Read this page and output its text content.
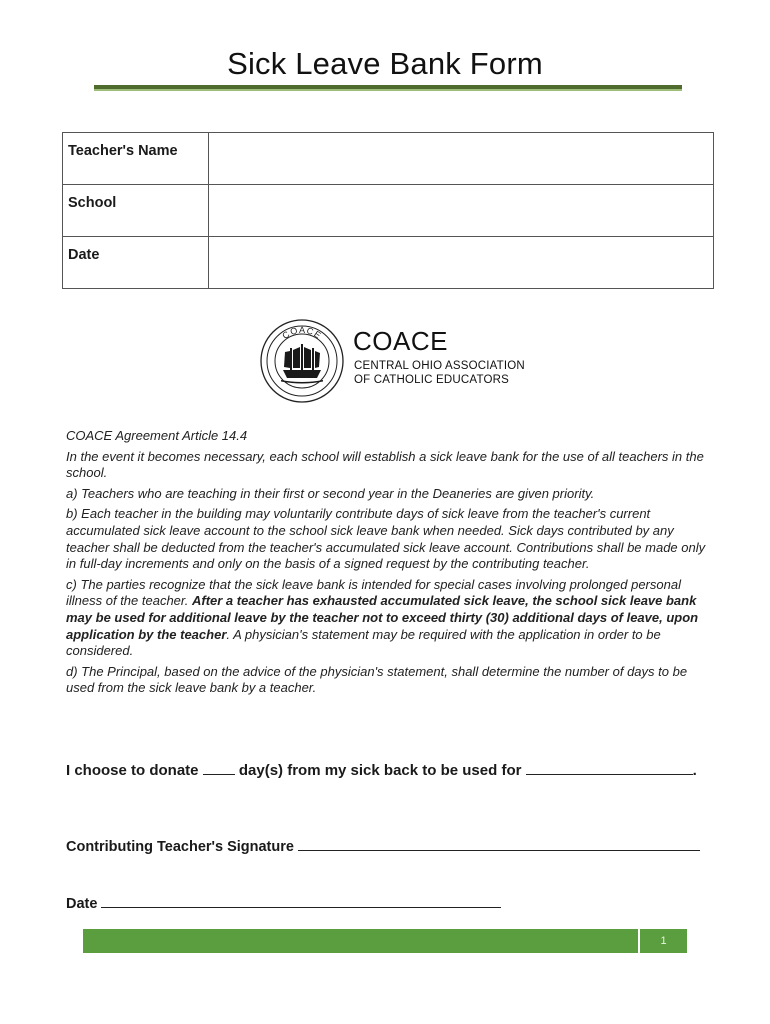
Sick Leave Bank Form
Teacher's Name	
School	
Date	
COACE COACE
CENTRAL OHIO ASSOCIATION
OF CATHOLIC EDUCATORS

COACE Agreement Article 14.4

In the event it becomes necessary, each school will establish a sick leave bank for the use of all teachers in the school.

a) Teachers who are teaching in their first or second year in the Deaneries are given priority.

b) Each teacher in the building may voluntarily contribute days of sick leave from the teacher's current accumulated sick leave account to the school sick leave bank when needed. Sick days contributed by any teacher shall be deducted from the teacher's accumulated sick leave account. Contributions shall be made only in full-day increments and only on the basis of a signed request by the contributing teacher.

c) The parties recognize that the sick leave bank is intended for special cases involving prolonged personal illness of the teacher. After a teacher has exhausted accumulated sick leave, the school sick leave bank may be used for additional leave by the teacher not to exceed thirty (30) additional days of leave, upon application by the teacher. A physician's statement may be required with the application in order to be considered.

d) The Principal, based on the advice of the physician's statement, shall determine the number of days to be used from the sick leave bank by a teacher.

I choose to donate  day(s) from my sick back to be used for	.
Contributing Teacher's Signature
Date
1
